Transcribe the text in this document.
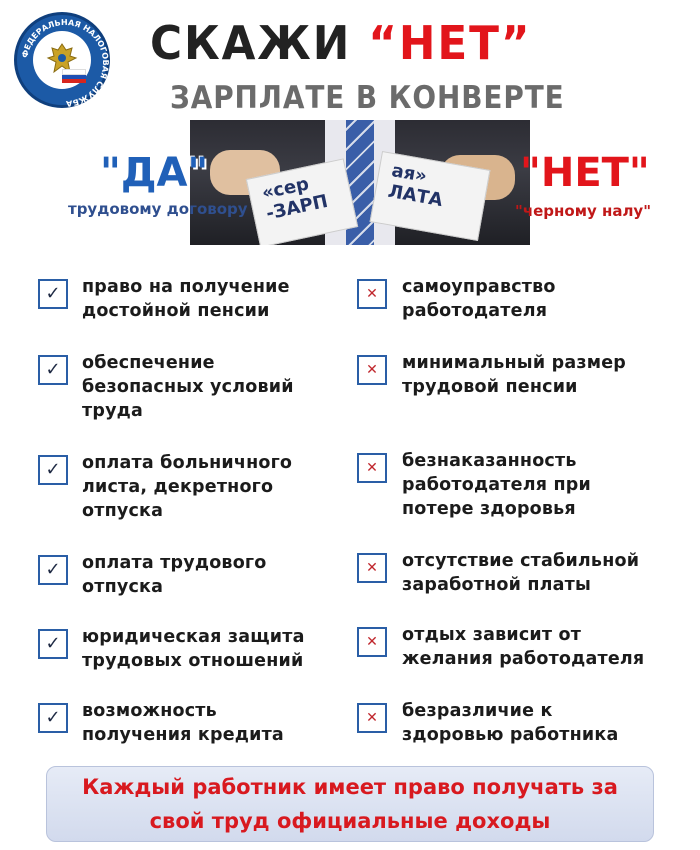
ФЕДЕРАЛЬНАЯ НАЛОГОВАЯ СЛУЖБА
СКАЖИ “НЕТ”
ЗАРПЛАТЕ В КОНВЕРТЕ
«сер
-ЗАРП
ая»
ЛАТА
"ДА"
трудовому договору
"НЕТ"
"черному налу"
✓	право на получение
достойной пенсии
✓	обеспечение
безопасных условий
труда
✓	оплата больничного
листа, декретного
отпуска
✓	оплата трудового
отпуска
✓	юридическая защита
трудовых отношений
✓	возможность
получения кредита
✕	самоуправство
работодателя
✕	минимальный размер
трудовой пенсии
✕	безнаказанность
работодателя при
потере здоровья
✕	отсутствие стабильной
заработной платы
✕	отдых зависит от
желания работодателя
✕	безразличие к
здоровью работника
Каждый работник имеет право получать за свой труд официальные доходы
